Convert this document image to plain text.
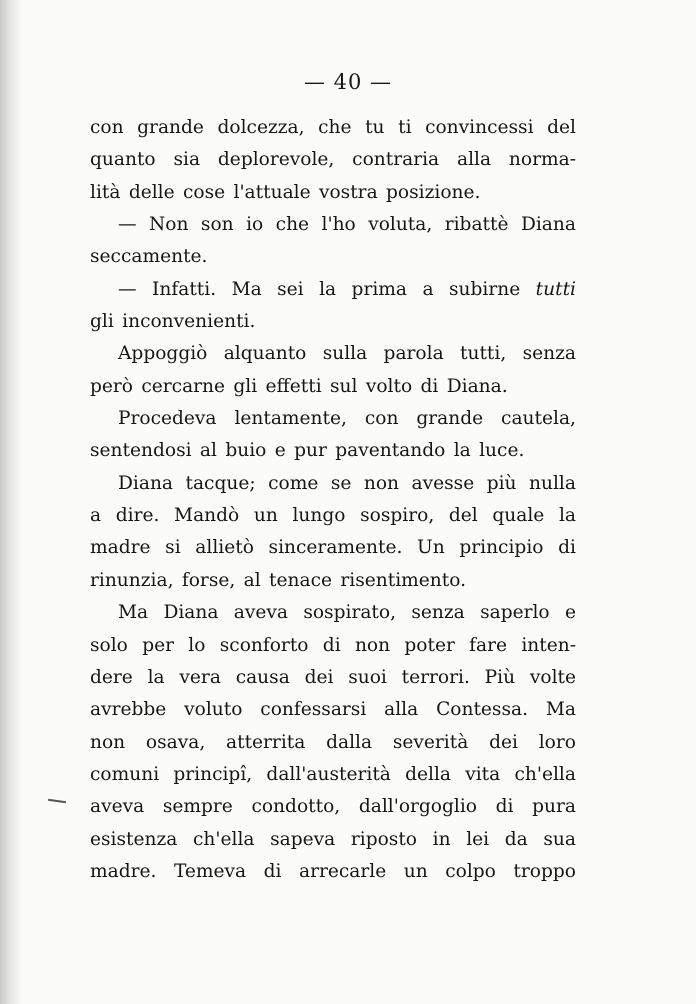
— 40 —
con grande dolcezza, che tu ti convincessi del
quanto sia deplorevole, contraria alla norma-
lità delle cose l'attuale vostra posizione.
— Non son io che l'ho voluta, ribattè Diana
seccamente.
— Infatti. Ma sei la prima a subirne tutti
gli inconvenienti.
Appoggiò alquanto sulla parola tutti, senza
però cercarne gli effetti sul volto di Diana.
Procedeva lentamente, con grande cautela,
sentendosi al buio e pur paventando la luce.
Diana tacque; come se non avesse più nulla
a dire. Mandò un lungo sospiro, del quale la
madre si allietò sinceramente. Un principio di
rinunzia, forse, al tenace risentimento.
Ma Diana aveva sospirato, senza saperlo e
solo per lo sconforto di non poter fare inten-
dere la vera causa dei suoi terrori. Più volte
avrebbe voluto confessarsi alla Contessa. Ma
non osava, atterrita dalla severità dei loro
comuni principî, dall'austerità della vita ch'ella
aveva sempre condotto, dall'orgoglio di pura
esistenza ch'ella sapeva riposto in lei da sua
madre. Temeva di arrecarle un colpo troppo
